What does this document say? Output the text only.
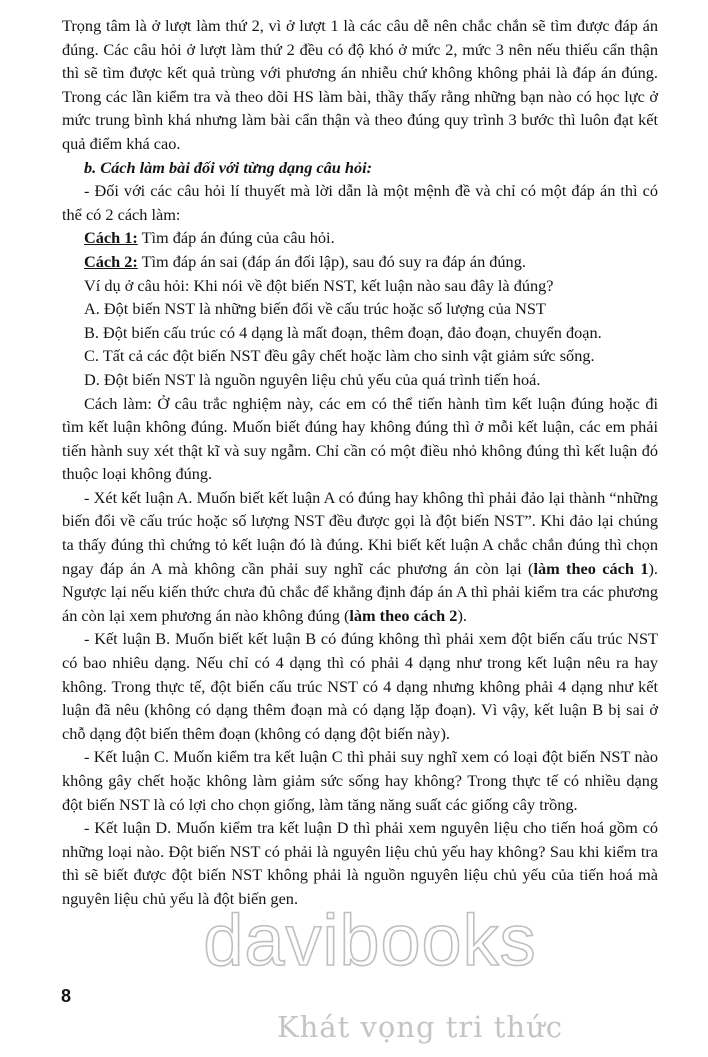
Trọng tâm là ở lượt làm thứ 2, vì ở lượt 1 là các câu dễ nên chắc chắn sẽ tìm được đáp án đúng. Các câu hỏi ở lượt làm thứ 2 đều có độ khó ở mức 2, mức 3 nên nếu thiếu cẩn thận thì sẽ tìm được kết quả trùng với phương án nhiễu chứ không không phải là đáp án đúng. Trong các lần kiểm tra và theo dõi HS làm bài, thầy thấy rằng những bạn nào có học lực ở mức trung bình khá nhưng làm bài cẩn thận và theo đúng quy trình 3 bước thì luôn đạt kết quả điểm khá cao.

b. Cách làm bài đối với từng dạng câu hỏi:

- Đối với các câu hỏi lí thuyết mà lời dẫn là một mệnh đề và chỉ có một đáp án thì có thể có 2 cách làm:

Cách 1: Tìm đáp án đúng của câu hỏi.

Cách 2: Tìm đáp án sai (đáp án đối lập), sau đó suy ra đáp án đúng.

Ví dụ ở câu hỏi: Khi nói về đột biến NST, kết luận nào sau đây là đúng?

A. Đột biến NST là những biến đổi về cấu trúc hoặc số lượng của NST

B. Đột biến cấu trúc có 4 dạng là mất đoạn, thêm đoạn, đảo đoạn, chuyển đoạn.

C. Tất cả các đột biến NST đều gây chết hoặc làm cho sinh vật giảm sức sống.

D. Đột biến NST là nguồn nguyên liệu chủ yếu của quá trình tiến hoá.

Cách làm: Ở câu trắc nghiệm này, các em có thể tiến hành tìm kết luận đúng hoặc đi tìm kết luận không đúng. Muốn biết đúng hay không đúng thì ở mỗi kết luận, các em phải tiến hành suy xét thật kĩ và suy ngẫm. Chỉ cần có một điều nhỏ không đúng thì kết luận đó thuộc loại không đúng.

- Xét kết luận A. Muốn biết kết luận A có đúng hay không thì phải đảo lại thành “những biến đổi về cấu trúc hoặc số lượng NST đều được gọi là đột biến NST”. Khi đảo lại chúng ta thấy đúng thì chứng tỏ kết luận đó là đúng. Khi biết kết luận A chắc chắn đúng thì chọn ngay đáp án A mà không cần phải suy nghĩ các phương án còn lại (làm theo cách 1). Ngược lại nếu kiến thức chưa đủ chắc để khẳng định đáp án A thì phải kiểm tra các phương án còn lại xem phương án nào không đúng (làm theo cách 2).

- Kết luận B. Muốn biết kết luận B có đúng không thì phải xem đột biến cấu trúc NST có bao nhiêu dạng. Nếu chỉ có 4 dạng thì có phải 4 dạng như trong kết luận nêu ra hay không. Trong thực tế, đột biến cấu trúc NST có 4 dạng nhưng không phải 4 dạng như kết luận đã nêu (không có dạng thêm đoạn mà có dạng lặp đoạn). Vì vậy, kết luận B bị sai ở chỗ dạng đột biến thêm đoạn (không có dạng đột biến này).

- Kết luận C. Muốn kiểm tra kết luận C thì phải suy nghĩ xem có loại đột biến NST nào không gây chết hoặc không làm giảm sức sống hay không? Trong thực tế có nhiều dạng đột biến NST là có lợi cho chọn giống, làm tăng năng suất các giống cây trồng.

- Kết luận D. Muốn kiểm tra kết luận D thì phải xem nguyên liệu cho tiến hoá gồm có những loại nào. Đột biến NST có phải là nguyên liệu chủ yếu hay không? Sau khi kiểm tra thì sẽ biết được đột biến NST không phải là nguồn nguyên liệu chủ yếu của tiến hoá mà nguyên liệu chủ yếu là đột biến gen.

davibooks
8
Khát vọng tri thức
